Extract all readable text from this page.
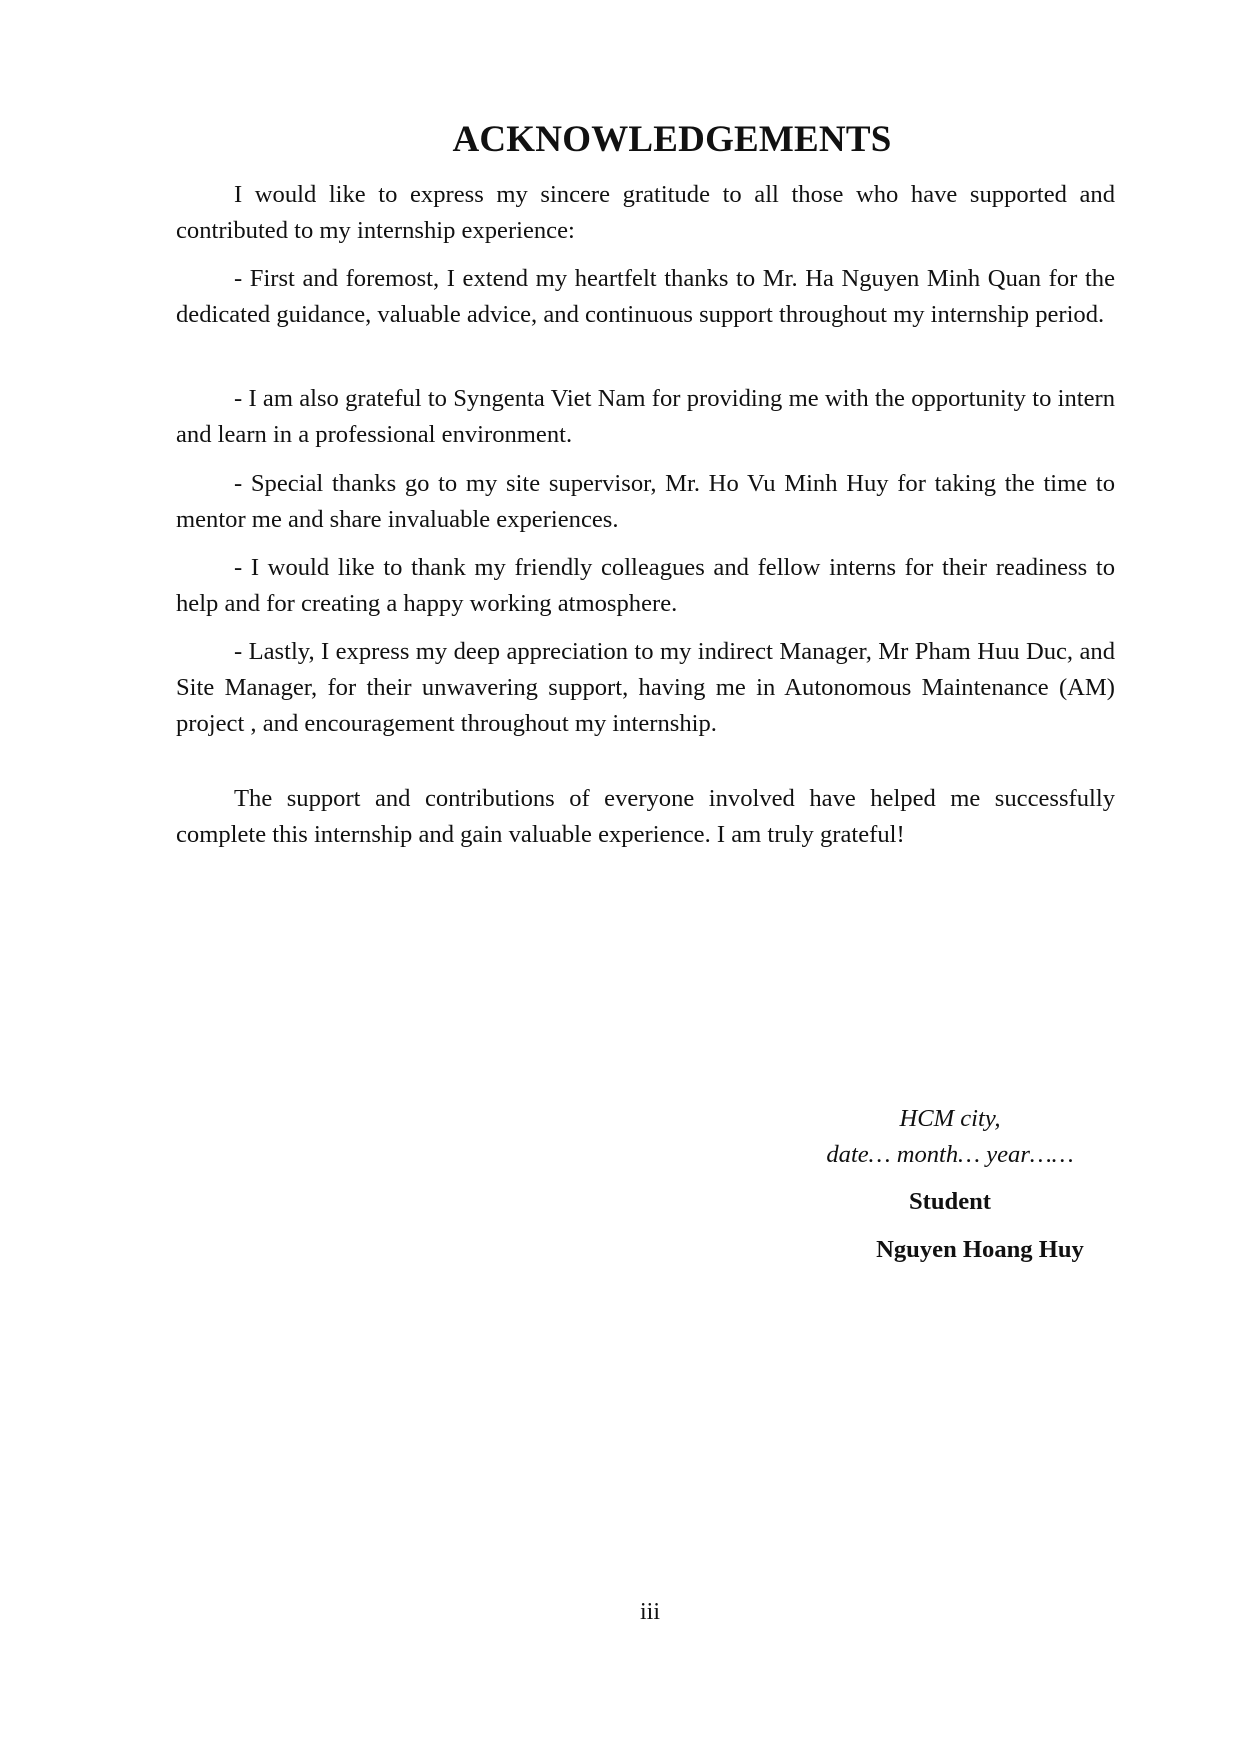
ACKNOWLEDGEMENTS

I would like to express my sincere gratitude to all those who have supported and contributed to my internship experience:

- First and foremost, I extend my heartfelt thanks to Mr. Ha Nguyen Minh Quan for the dedicated guidance, valuable advice, and continuous support throughout my internship period.

- I am also grateful to Syngenta Viet Nam for providing me with the opportunity to intern and learn in a professional environment.

- Special thanks go to my site supervisor, Mr. Ho Vu Minh Huy for taking the time to mentor me and share invaluable experiences.

- I would like to thank my friendly colleagues and fellow interns for their readiness to help and for creating a happy working atmosphere.

- Lastly, I express my deep appreciation to my indirect Manager, Mr Pham Huu Duc, and Site Manager, for their unwavering support, having me in Autonomous Maintenance (AM) project , and encouragement throughout my internship.

The support and contributions of everyone involved have helped me successfully complete this internship and gain valuable experience. I am truly grateful!

HCM city,
date… month… year……
Student
Nguyen Hoang Huy
iii
